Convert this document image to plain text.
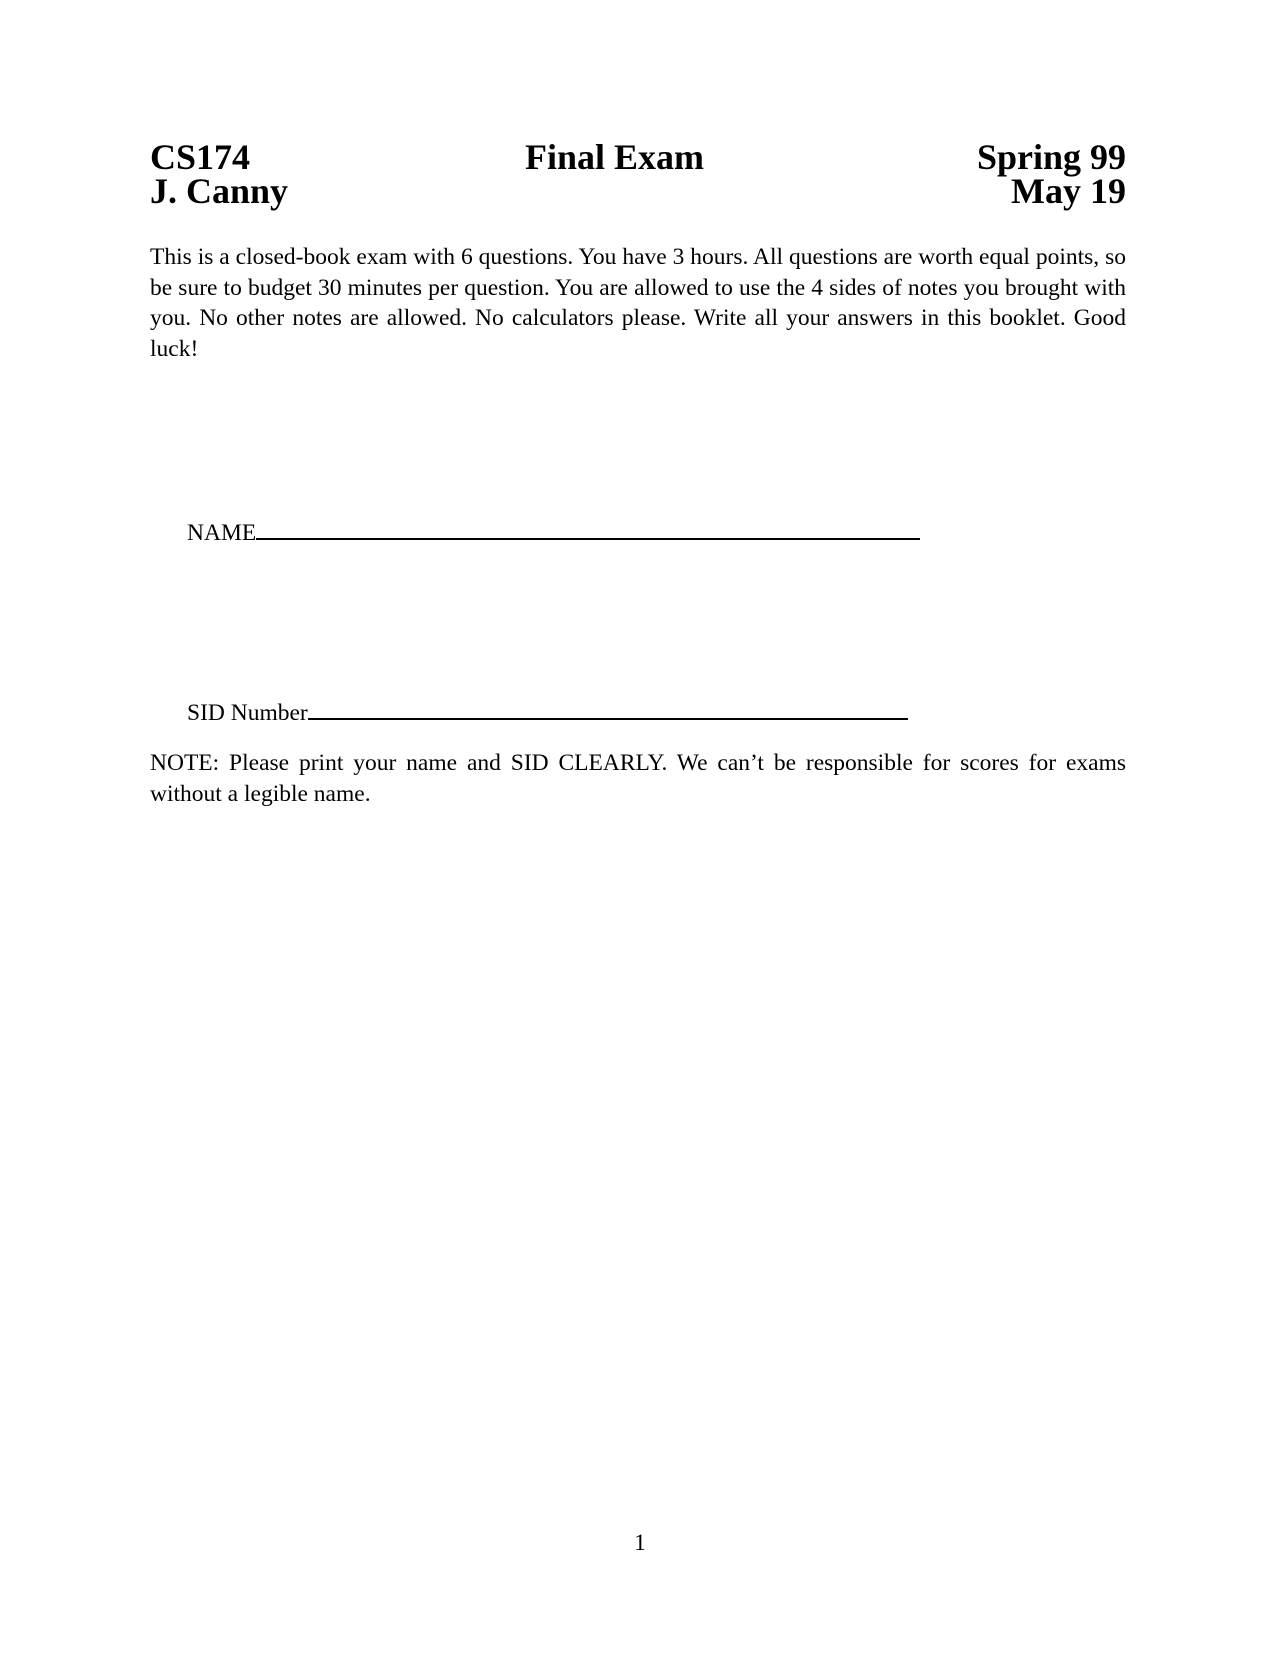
CS174	Final Exam	Spring 99
J. Canny	May 19

This is a closed-book exam with 6 questions. You have 3 hours. All questions are worth equal points, so be sure to budget 30 minutes per question. You are allowed to use the 4 sides of notes you brought with you. No other notes are allowed. No calculators please. Write all your answers in this booklet. Good luck!

NAME
SID Number

NOTE: Please print your name and SID CLEARLY. We can’t be responsible for scores for exams without a legible name.

1
